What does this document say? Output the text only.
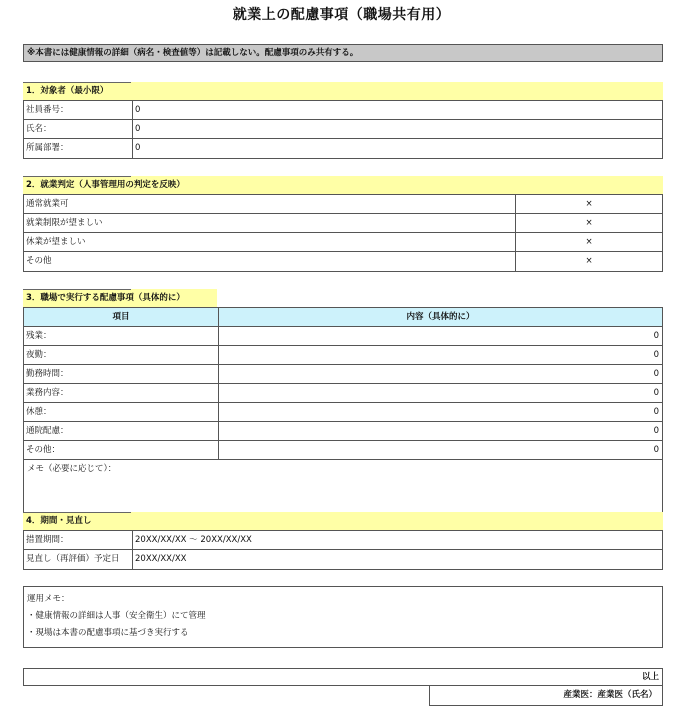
就業上の配慮事項（職場共有用）
※本書には健康情報の詳細（病名・検査値等）は記載しない。配慮事項のみ共有する。
1．対象者（最小限）
社員番号：	0
氏名：	0
所属部署：	0
2．就業判定（人事管理用の判定を反映）
通常就業可	×
就業制限が望ましい	×
休業が望ましい	×
その他	×
3．職場で実行する配慮事項（具体的に）
項目	内容（具体的に）
残業：	0
夜勤：	0
勤務時間：	0
業務内容：	0
休憩：	0
通院配慮：	0
その他：	0
メモ（必要に応じて）：
4．期間・見直し
措置期間：	20XX/XX/XX 〜 20XX/XX/XX
見直し（再評価）予定日	20XX/XX/XX
運用メモ：
・健康情報の詳細は人事（安全衛生）にて管理
・現場は本書の配慮事項に基づき実行する
以上
産業医：産業医（氏名）
